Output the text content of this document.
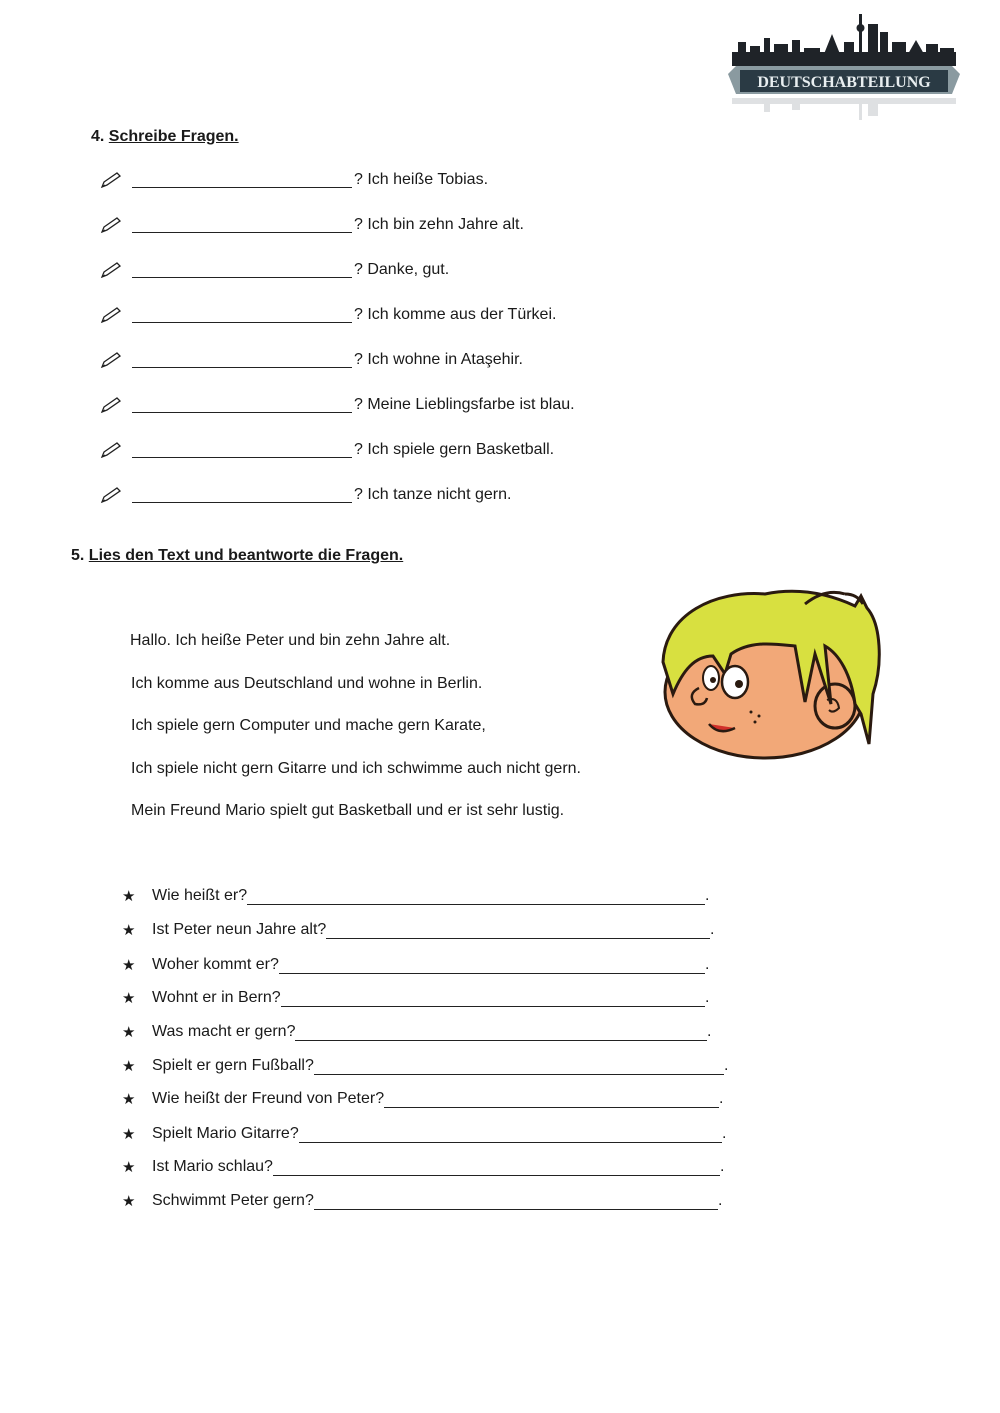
DEUTSCHABTEILUNG
4. Schreibe Fragen.
? Ich heiße Tobias.
? Ich bin zehn Jahre alt.
? Danke, gut.
? Ich komme aus der Türkei.
? Ich wohne in Ataşehir.
? Meine Lieblingsfarbe ist blau.
? Ich spiele gern Basketball.
? Ich tanze nicht gern.
5. Lies den Text und beantworte die Fragen.
Hallo. Ich heiße Peter und bin zehn Jahre alt.
Ich komme aus Deutschland und wohne in Berlin.
Ich spiele gern Computer und mache gern Karate,
Ich spiele nicht gern Gitarre und ich schwimme auch nicht gern.
Mein Freund Mario spielt gut Basketball und er ist sehr lustig.
★ Wie heißt er?	.
★ Ist Peter neun Jahre alt?	.
★ Woher kommt er?	.
★ Wohnt er in Bern?	.
★ Was macht er gern?	.
★ Spielt er gern Fußball?	.
★ Wie heißt der Freund von Peter?	.
★ Spielt Mario Gitarre?	.
★ Ist Mario schlau?	.
★ Schwimmt Peter gern?	.
